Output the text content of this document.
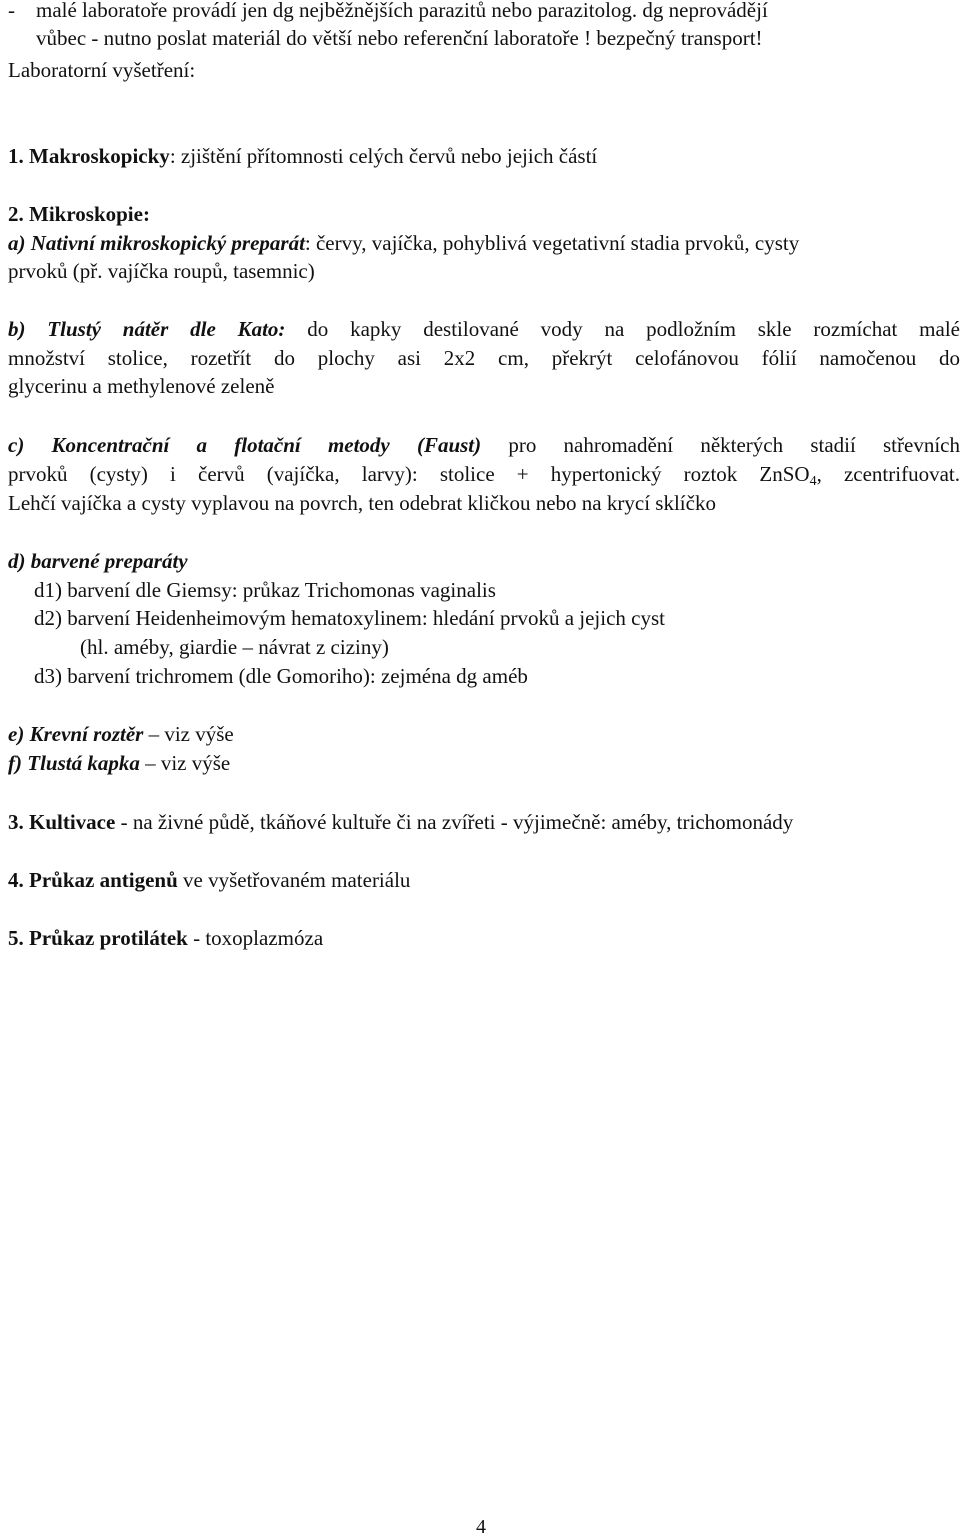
- malé laboratoře provádí jen dg nejběžnějších parazitů nebo parazitolog. dg neprovádějí
vůbec - nutno poslat materiál do větší nebo referenční laboratoře ! bezpečný transport!
Laboratorní vyšetření:
1. Makroskopicky: zjištění přítomnosti celých červů nebo jejich částí
2. Mikroskopie:
a) Nativní mikroskopický preparát: červy, vajíčka, pohyblivá vegetativní stadia prvoků, cysty
prvoků (př. vajíčka roupů, tasemnic)
b) Tlustý nátěr dle Kato: do kapky destilované vody na podložním skle rozmíchat malé
množství stolice, rozetřít do plochy asi 2x2 cm, překrýt celofánovou fólií namočenou do
glycerinu a methylenové zeleně
c) Koncentrační a flotační metody (Faust) pro nahromadění některých stadií střevních
prvoků (cysty) i červů (vajíčka, larvy): stolice + hypertonický roztok ZnSO$_4$, zcentrifuovat.
Lehčí vajíčka a cysty vyplavou na povrch, ten odebrat kličkou nebo na krycí sklíčko
d) barvené preparáty
d1) barvení dle Giemsy: průkaz Trichomonas vaginalis
d2) barvení Heidenheimovým hematoxylinem: hledání prvoků a jejich cyst
(hl. améby, giardie – návrat z ciziny)
d3) barvení trichromem (dle Gomoriho): zejména dg améb
e) Krevní roztěr – viz výše
f) Tlustá kapka – viz výše
3. Kultivace - na živné půdě, tkáňové kultuře či na zvířeti - výjimečně: améby, trichomonády
4. Průkaz antigenů ve vyšetřovaném materiálu
5. Průkaz protilátek - toxoplazmóza
4
